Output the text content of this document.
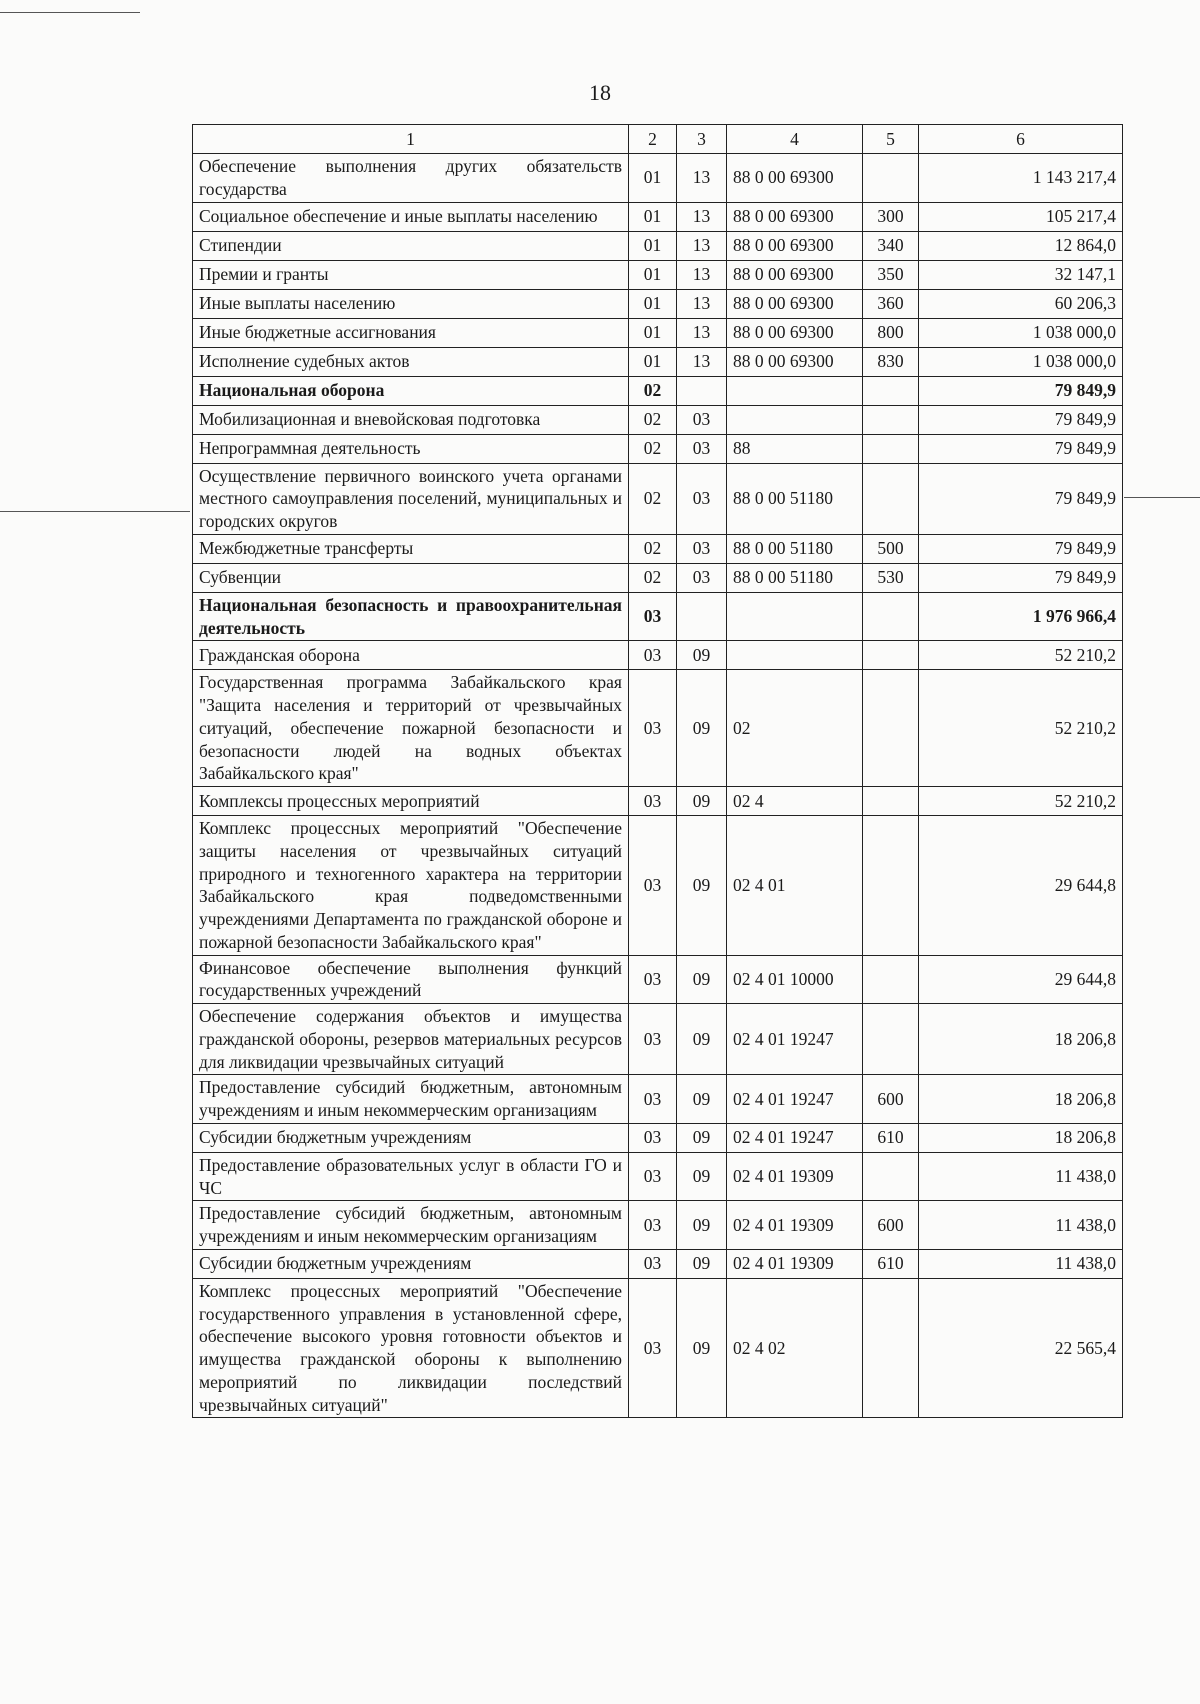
18
1	2	3	4	5	6
Обеспечение выполнения других обязательств государства	01	13	88 0 00 69300		1 143 217,4
Социальное обеспечение и иные выплаты населению	01	13	88 0 00 69300	300	105 217,4
Стипендии	01	13	88 0 00 69300	340	12 864,0
Премии и гранты	01	13	88 0 00 69300	350	32 147,1
Иные выплаты населению	01	13	88 0 00 69300	360	60 206,3
Иные бюджетные ассигнования	01	13	88 0 00 69300	800	1 038 000,0
Исполнение судебных актов	01	13	88 0 00 69300	830	1 038 000,0
Национальная оборона	02				79 849,9
Мобилизационная и вневойсковая подготовка	02	03			79 849,9
Непрограммная деятельность	02	03	88		79 849,9
Осуществление первичного воинского учета органами местного самоуправления поселений, муниципальных и городских округов	02	03	88 0 00 51180		79 849,9
Межбюджетные трансферты	02	03	88 0 00 51180	500	79 849,9
Субвенции	02	03	88 0 00 51180	530	79 849,9
Национальная безопасность и правоохранительная деятельность	03				1 976 966,4
Гражданская оборона	03	09			52 210,2
Государственная программа Забайкальского края "Защита населения и территорий от чрезвычайных ситуаций, обеспечение пожарной безопасности и безопасности людей на водных объектах Забайкальского края"	03	09	02		52 210,2
Комплексы процессных мероприятий	03	09	02 4		52 210,2
Комплекс процессных мероприятий "Обеспечение защиты населения от чрезвычайных ситуаций природного и техногенного характера на территории Забайкальского края подведомственными учреждениями Департамента по гражданской обороне и пожарной безопасности Забайкальского края"	03	09	02 4 01		29 644,8
Финансовое обеспечение выполнения функций государственных учреждений	03	09	02 4 01 10000		29 644,8
Обеспечение содержания объектов и имущества гражданской обороны, резервов материальных ресурсов для ликвидации чрезвычайных ситуаций	03	09	02 4 01 19247		18 206,8
Предоставление субсидий бюджетным, автономным учреждениям и иным некоммерческим организациям	03	09	02 4 01 19247	600	18 206,8
Субсидии бюджетным учреждениям	03	09	02 4 01 19247	610	18 206,8
Предоставление образовательных услуг в области ГО и ЧС	03	09	02 4 01 19309		11 438,0
Предоставление субсидий бюджетным, автономным учреждениям и иным некоммерческим организациям	03	09	02 4 01 19309	600	11 438,0
Субсидии бюджетным учреждениям	03	09	02 4 01 19309	610	11 438,0
Комплекс процессных мероприятий "Обеспечение государственного управления в установленной сфере, обеспечение высокого уровня готовности объектов и имущества гражданской обороны к выполнению мероприятий по ликвидации последствий чрезвычайных ситуаций"	03	09	02 4 02		22 565,4
